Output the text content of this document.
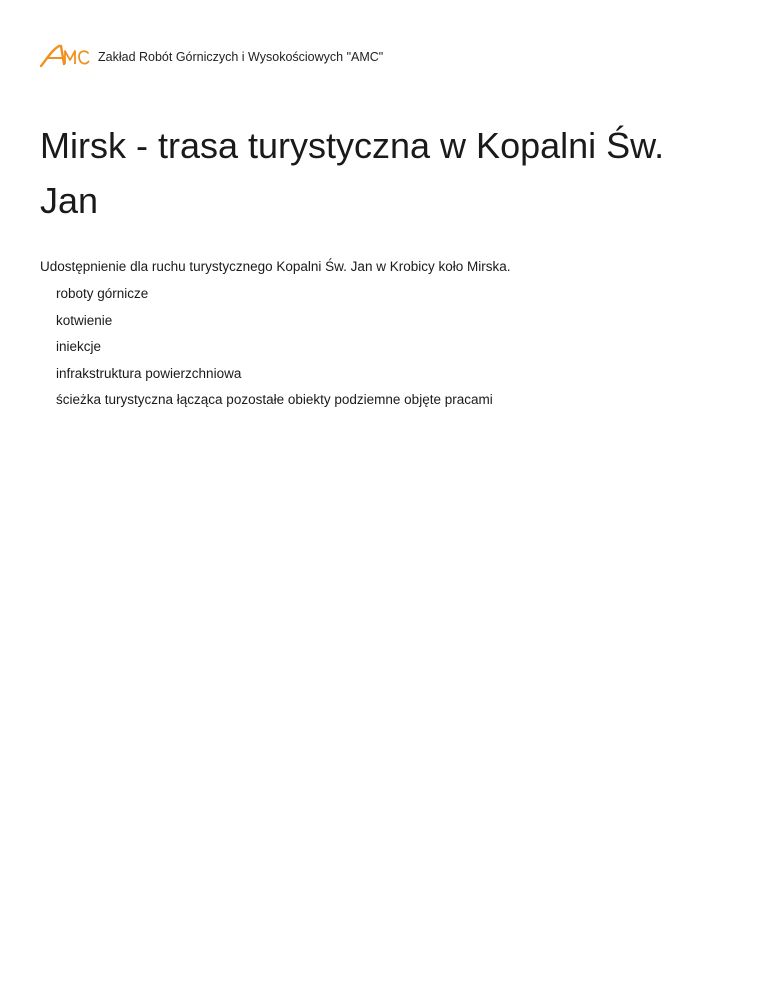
Zakład Robót Górniczych i Wysokościowych "AMC"
Mirsk - trasa turystyczna w Kopalni Św. Jan

Udostępnienie dla ruchu turystycznego Kopalni Św. Jan w Krobicy koło Mirska.

roboty górnicze
kotwienie
iniekcje
infrakstruktura powierzchniowa
ścieżka turystyczna łącząca pozostałe obiekty podziemne objęte pracami
